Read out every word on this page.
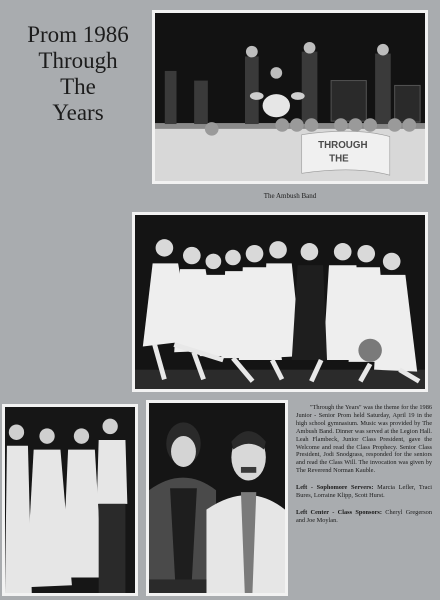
Prom 1986
Through
The
Years
THROUGH
THE
The Ambush Band

"Through the Years" was the theme for the 1986 Junior - Senior Prom held Saturday, April 19 in the high school gymnasium. Music was provided by The Ambush Band. Dinner was served at the Legion Hall. Leah Flambeck, Junior Class President, gave the Welcome and read the Class Prophecy. Senior Class President, Jodi Snodgrass, responded for the seniors and read the Class Will. The invocation was given by The Reverend Norman Kauble.

Left - Sophomore Servers: Marcia Lefler, Traci Bures, Lorraine Klipp, Scott Hurst.

Left Center - Class Sponsors: Cheryl Gregerson and Joe Moylan.
